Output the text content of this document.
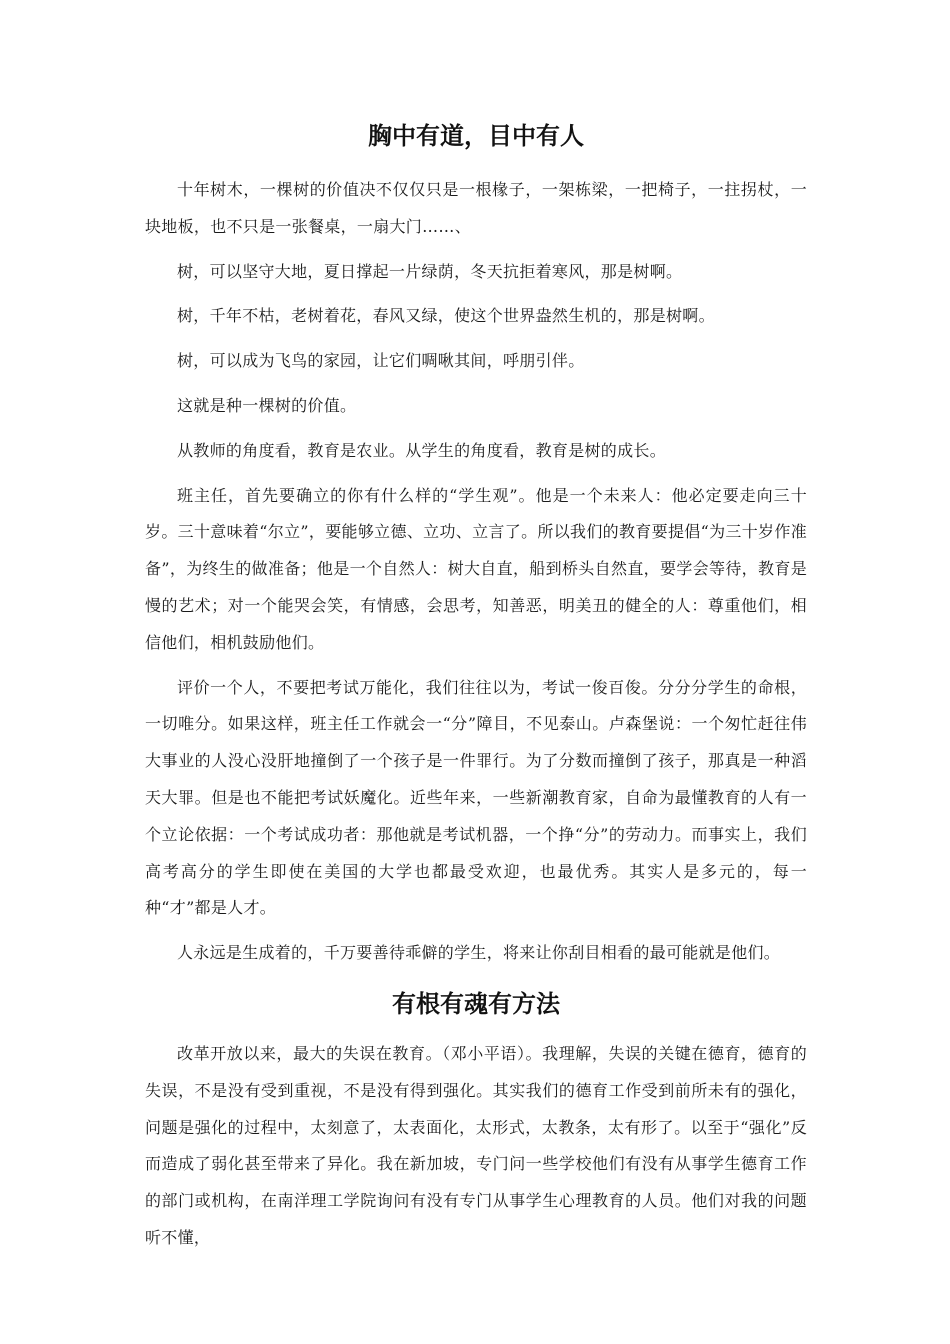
胸中有道，目中有人

十年树木，一棵树的价值决不仅仅只是一根椽子，一架栋梁，一把椅子，一拄拐杖，一块地板，也不只是一张餐桌，一扇大门……、

树，可以坚守大地，夏日撑起一片绿荫，冬天抗拒着寒风，那是树啊。

树，千年不枯，老树着花，春风又绿，使这个世界盎然生机的，那是树啊。

树，可以成为飞鸟的家园，让它们啁啾其间，呼朋引伴。

这就是种一棵树的价值。

从教师的角度看，教育是农业。从学生的角度看，教育是树的成长。

班主任，首先要确立的你有什么样的“学生观”。他是一个未来人：他必定要走向三十岁。三十意味着“尔立”，要能够立德、立功、立言了。所以我们的教育要提倡“为三十岁作准备”，为终生的做准备；他是一个自然人：树大自直，船到桥头自然直，要学会等待，教育是慢的艺术；对一个能哭会笑，有情感，会思考，知善恶，明美丑的健全的人：尊重他们，相信他们，相机鼓励他们。

评价一个人，不要把考试万能化，我们往往以为，考试一俊百俊。分分分学生的命根，一切唯分。如果这样，班主任工作就会一“分”障目，不见泰山。卢森堡说：一个匆忙赶往伟大事业的人没心没肝地撞倒了一个孩子是一件罪行。为了分数而撞倒了孩子，那真是一种滔天大罪。但是也不能把考试妖魔化。近些年来，一些新潮教育家，自命为最懂教育的人有一个立论依据：一个考试成功者：那他就是考试机器，一个挣“分”的劳动力。而事实上，我们高考高分的学生即使在美国的大学也都最受欢迎，也最优秀。其实人是多元的，每一种“才”都是人才。

人永远是生成着的，千万要善待乖僻的学生，将来让你刮目相看的最可能就是他们。

有根有魂有方法

改革开放以来，最大的失误在教育。（邓小平语）。我理解，失误的关键在德育，德育的失误，不是没有受到重视，不是没有得到强化。其实我们的德育工作受到前所未有的强化，问题是强化的过程中，太刻意了，太表面化，太形式，太教条，太有形了。以至于“强化”反而造成了弱化甚至带来了异化。我在新加坡，专门问一些学校他们有没有从事学生德育工作的部门或机构，在南洋理工学院询问有没有专门从事学生心理教育的人员。他们对我的问题听不懂，
